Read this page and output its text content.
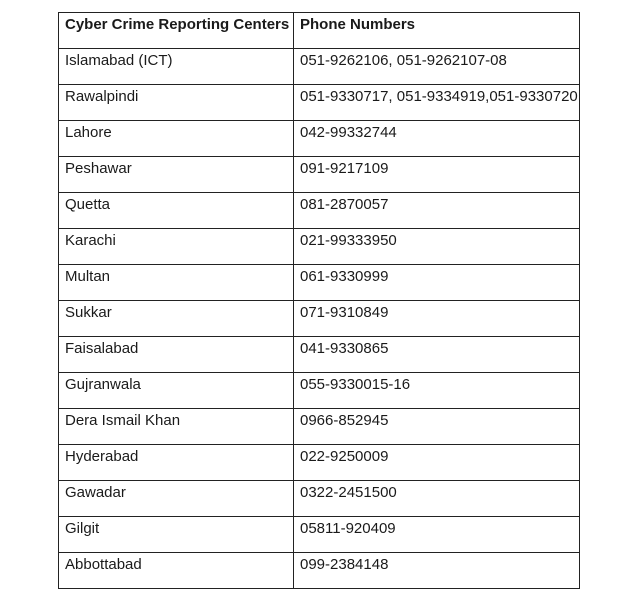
Cyber Crime Reporting Centers	Phone Numbers
Islamabad (ICT)	051-9262106, 051-9262107-08
Rawalpindi	051-9330717, 051-9334919,051-9330720
Lahore	042-99332744
Peshawar	091-9217109
Quetta	081-2870057
Karachi	021-99333950
Multan	061-9330999
Sukkar	071-9310849
Faisalabad	041-9330865
Gujranwala	055-9330015-16
Dera Ismail Khan	0966-852945
Hyderabad	022-9250009
Gawadar	0322-2451500
Gilgit	05811-920409
Abbottabad	099-2384148
